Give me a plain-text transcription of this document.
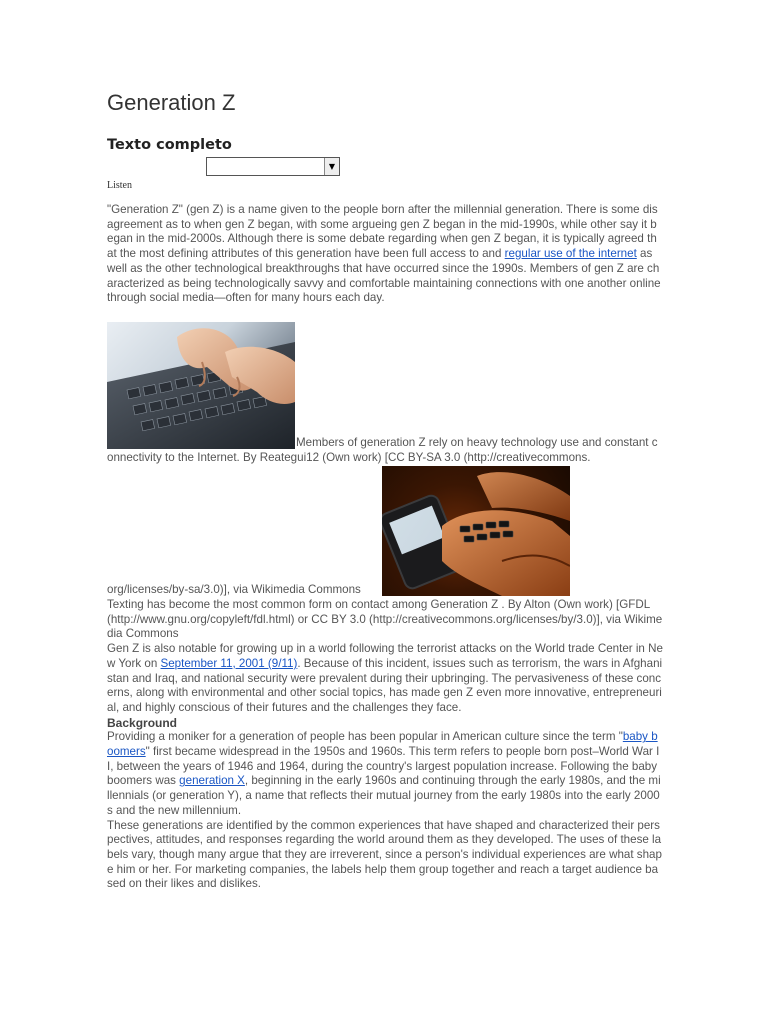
Generation Z
Texto completo
▼
Listen

"Generation Z" (gen Z) is a name given to the people born after the millennial generation. There is some disagreement as to when gen Z began, with some argueing gen Z began in the mid-1990s, while other say it began in the mid-2000s. Although there is some debate regarding when gen Z began, it is typically agreed that the most defining attributes of this generation have been full access to and regular use of the internet as well as the other technological breakthroughs that have occurred since the 1990s. Members of gen Z are characterized as being technologically savvy and comfortable maintaining connections with one another online through social media—often for many hours each day.

Members of generation Z rely on heavy technology use and constant connectivity to the Internet. By Reategui12 (Own work) [CC BY-SA 3.0 (http://creativecommons.

org/licenses/by-sa/3.0)], via Wikimedia Commons
Texting has become the most common form on contact among Generation Z . By Alton (Own work) [GFDL (http://www.gnu.org/copyleft/fdl.html) or CC BY 3.0 (http://creativecommons.org/licenses/by/3.0)], via Wikimedia Commons
Gen Z is also notable for growing up in a world following the terrorist attacks on the World trade Center in New York on September 11, 2001 (9/11). Because of this incident, issues such as terrorism, the wars in Afghanistan and Iraq, and national security were prevalent during their upbringing. The pervasiveness of these concerns, along with environmental and other social topics, has made gen Z even more innovative, entrepreneurial, and highly conscious of their futures and the challenges they face.
Background
Providing a moniker for a generation of people has been popular in American culture since the term "baby boomers" first became widespread in the 1950s and 1960s. This term refers to people born post–World War II, between the years of 1946 and 1964, during the country's largest population increase. Following the baby boomers was generation X, beginning in the early 1960s and continuing through the early 1980s, and the millennials (or generation Y), a name that reflects their mutual journey from the early 1980s into the early 2000s and the new millennium.
These generations are identified by the common experiences that have shaped and characterized their perspectives, attitudes, and responses regarding the world around them as they developed. The uses of these labels vary, though many argue that they are irreverent, since a person's individual experiences are what shape him or her. For marketing companies, the labels help them group together and reach a target audience based on their likes and dislikes.
